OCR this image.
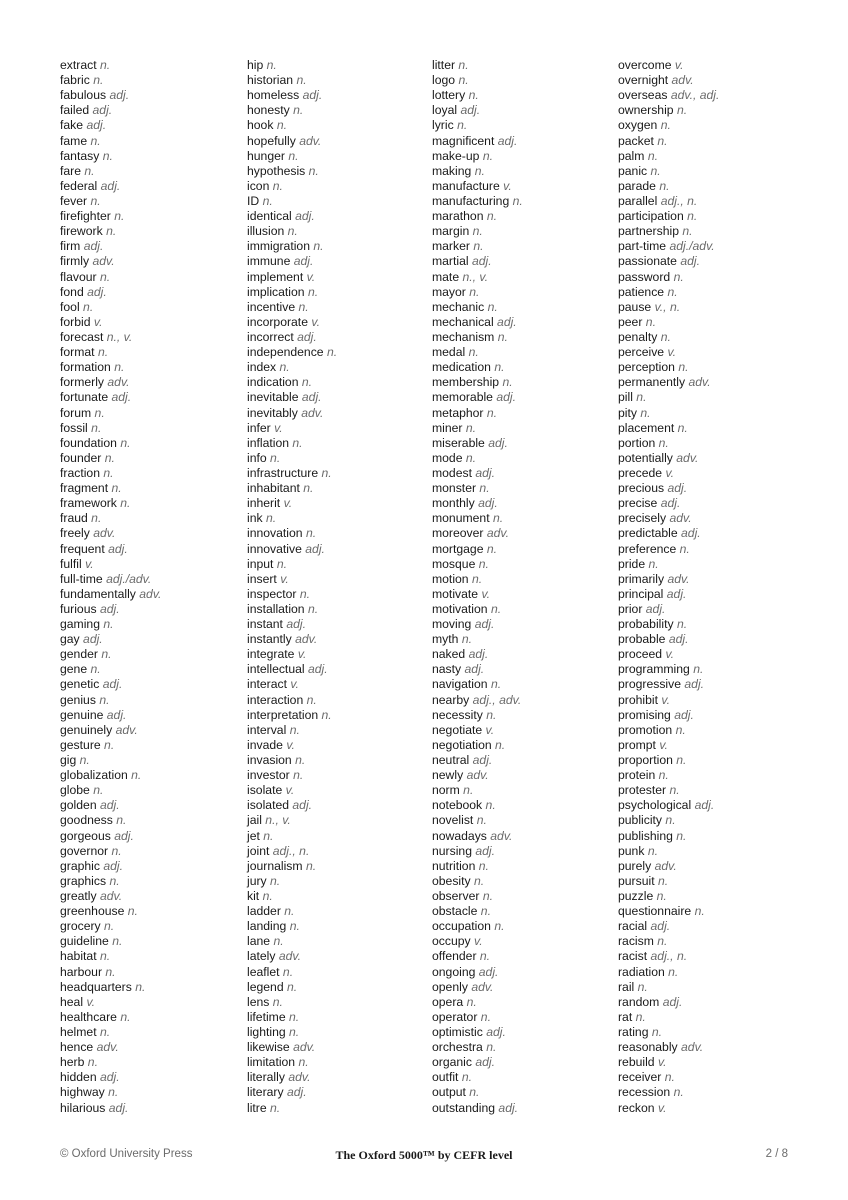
extract n.
fabric n.
fabulous adj.
failed adj.
fake adj.
fame n.
fantasy n.
fare n.
federal adj.
fever n.
firefighter n.
firework n.
firm adj.
firmly adv.
flavour n.
fond adj.
fool n.
forbid v.
forecast n., v.
format n.
formation n.
formerly adv.
fortunate adj.
forum n.
fossil n.
foundation n.
founder n.
fraction n.
fragment n.
framework n.
fraud n.
freely adv.
frequent adj.
fulfil v.
full-time adj./adv.
fundamentally adv.
furious adj.
gaming n.
gay adj.
gender n.
gene n.
genetic adj.
genius n.
genuine adj.
genuinely adv.
gesture n.
gig n.
globalization n.
globe n.
golden adj.
goodness n.
gorgeous adj.
governor n.
graphic adj.
graphics n.
greatly adv.
greenhouse n.
grocery n.
guideline n.
habitat n.
harbour n.
headquarters n.
heal v.
healthcare n.
helmet n.
hence adv.
herb n.
hidden adj.
highway n.
hilarious adj.
hip n.
historian n.
homeless adj.
honesty n.
hook n.
hopefully adv.
hunger n.
hypothesis n.
icon n.
ID n.
identical adj.
illusion n.
immigration n.
immune adj.
implement v.
implication n.
incentive n.
incorporate v.
incorrect adj.
independence n.
index n.
indication n.
inevitable adj.
inevitably adv.
infer v.
inflation n.
info n.
infrastructure n.
inhabitant n.
inherit v.
ink n.
innovation n.
innovative adj.
input n.
insert v.
inspector n.
installation n.
instant adj.
instantly adv.
integrate v.
intellectual adj.
interact v.
interaction n.
interpretation n.
interval n.
invade v.
invasion n.
investor n.
isolate v.
isolated adj.
jail n., v.
jet n.
joint adj., n.
journalism n.
jury n.
kit n.
ladder n.
landing n.
lane n.
lately adv.
leaflet n.
legend n.
lens n.
lifetime n.
lighting n.
likewise adv.
limitation n.
literally adv.
literary adj.
litre n.
litter n.
logo n.
lottery n.
loyal adj.
lyric n.
magnificent adj.
make-up n.
making n.
manufacture v.
manufacturing n.
marathon n.
margin n.
marker n.
martial adj.
mate n., v.
mayor n.
mechanic n.
mechanical adj.
mechanism n.
medal n.
medication n.
membership n.
memorable adj.
metaphor n.
miner n.
miserable adj.
mode n.
modest adj.
monster n.
monthly adj.
monument n.
moreover adv.
mortgage n.
mosque n.
motion n.
motivate v.
motivation n.
moving adj.
myth n.
naked adj.
nasty adj.
navigation n.
nearby adj., adv.
necessity n.
negotiate v.
negotiation n.
neutral adj.
newly adv.
norm n.
notebook n.
novelist n.
nowadays adv.
nursing adj.
nutrition n.
obesity n.
observer n.
obstacle n.
occupation n.
occupy v.
offender n.
ongoing adj.
openly adv.
opera n.
operator n.
optimistic adj.
orchestra n.
organic adj.
outfit n.
output n.
outstanding adj.
overcome v.
overnight adv.
overseas adv., adj.
ownership n.
oxygen n.
packet n.
palm n.
panic n.
parade n.
parallel adj., n.
participation n.
partnership n.
part-time adj./adv.
passionate adj.
password n.
patience n.
pause v., n.
peer n.
penalty n.
perceive v.
perception n.
permanently adv.
pill n.
pity n.
placement n.
portion n.
potentially adv.
precede v.
precious adj.
precise adj.
precisely adv.
predictable adj.
preference n.
pride n.
primarily adv.
principal adj.
prior adj.
probability n.
probable adj.
proceed v.
programming n.
progressive adj.
prohibit v.
promising adj.
promotion n.
prompt v.
proportion n.
protein n.
protester n.
psychological adj.
publicity n.
publishing n.
punk n.
purely adv.
pursuit n.
puzzle n.
questionnaire n.
racial adj.
racism n.
racist adj., n.
radiation n.
rail n.
random adj.
rat n.
rating n.
reasonably adv.
rebuild v.
receiver n.
recession n.
reckon v.
© Oxford University Press	The Oxford 5000™ by CEFR level	2 / 8
